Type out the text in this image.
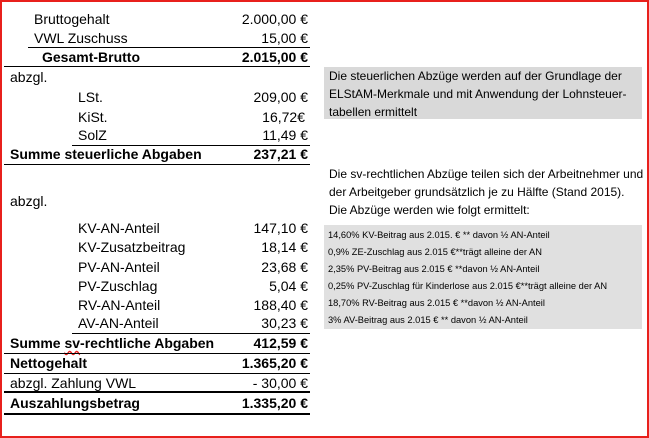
Bruttogehalt	2.000,00 €
VWL Zuschuss	15,00 €
Gesamt-Brutto	2.015,00 €
abzgl.
LSt.	209,00 €
KiSt.	16,72€
SolZ	11,49 €
Summe steuerliche Abgaben	237,21 €
abzgl.
KV-AN-Anteil	147,10 €
KV-Zusatzbeitrag	18,14 €
PV-AN-Anteil	23,68 €
PV-Zuschlag	5,04 €
RV-AN-Anteil	188,40 €
AV-AN-Anteil	30,23 €
Summe sv-rechtliche Abgaben	412,59 €
Nettogehalt	1.365,20 €
abzgl. Zahlung VWL	- 30,00 €
Auszahlungsbetrag	1.335,20 €
Die steuerlichen Abzüge werden auf der Grundlage der
ELStAM-Merkmale und mit Anwendung der Lohnsteuer-
tabellen ermittelt
Die sv-rechtlichen Abzüge teilen sich der Arbeitnehmer und
der Arbeitgeber grundsätzlich je zu Hälfte (Stand 2015).
Die Abzüge werden wie folgt ermittelt:
14,60% KV-Beitrag aus 2.015. € ** davon ½ AN-Anteil
0,9% ZE-Zuschlag aus 2.015 €**trägt alleine der AN
2,35% PV-Beitrag aus 2.015 € **davon ½ AN-Anteil
0,25% PV-Zuschlag für Kinderlose aus 2.015 €**trägt alleine der AN
18,70% RV-Beitrag aus 2.015 € **davon ½ AN-Anteil
3% AV-Beitrag aus 2.015 € ** davon ½ AN-Anteil
